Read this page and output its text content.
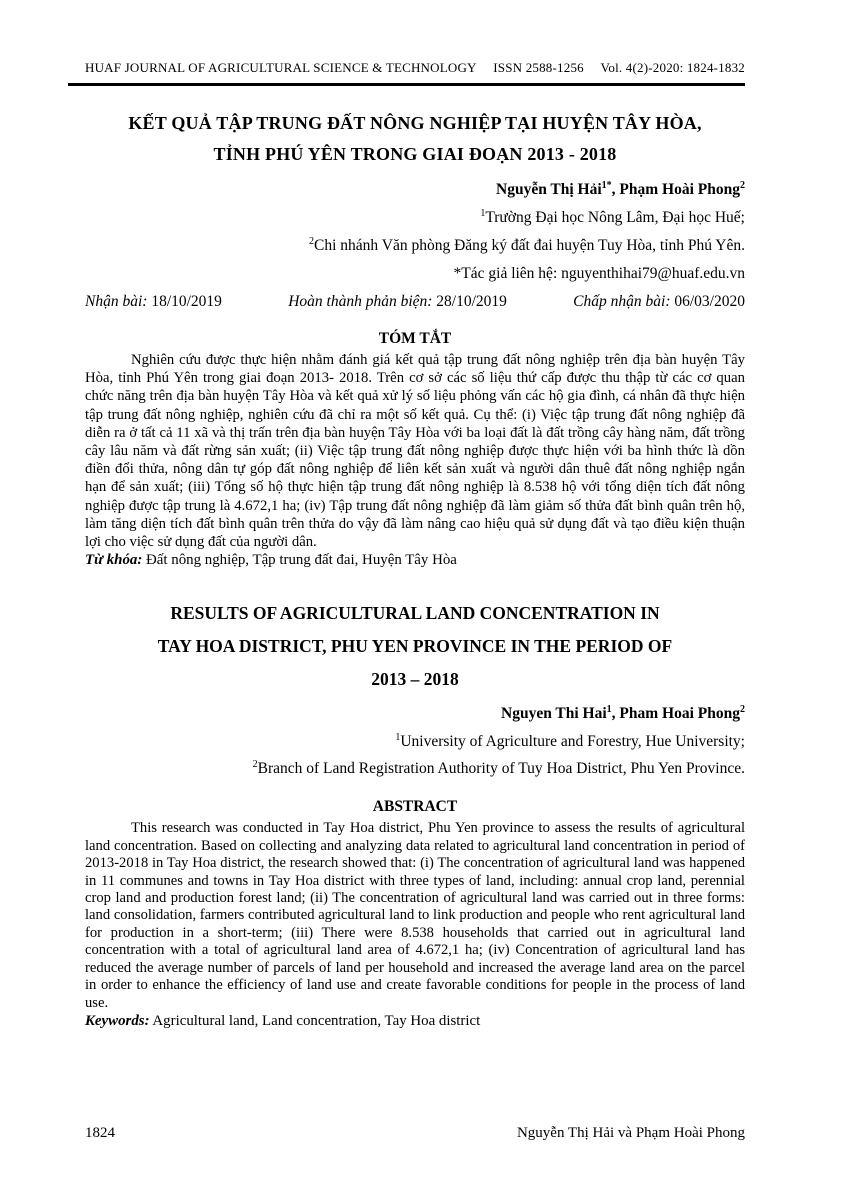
HUAF JOURNAL OF AGRICULTURAL SCIENCE & TECHNOLOGY ISSN 2588-1256 Vol. 4(2)-2020: 1824-1832
KẾT QUẢ TẬP TRUNG ĐẤT NÔNG NGHIỆP TẠI HUYỆN TÂY HÒA,
TỈNH PHÚ YÊN TRONG GIAI ĐOẠN 2013 - 2018
Nguyễn Thị Hải$^{1*}$, Phạm Hoài Phong$^2$
$^1$Trường Đại học Nông Lâm, Đại học Huế;
$^2$Chi nhánh Văn phòng Đăng ký đất đai huyện Tuy Hòa, tỉnh Phú Yên.
*Tác giả liên hệ: nguyenthihai79@huaf.edu.vn
Nhận bài: 18/10/2019	Hoàn thành phản biện: 28/10/2019	Chấp nhận bài: 06/03/2020
TÓM TẮT

Nghiên cứu được thực hiện nhằm đánh giá kết quả tập trung đất nông nghiệp trên địa bàn huyện Tây Hòa, tỉnh Phú Yên trong giai đoạn 2013- 2018. Trên cơ sở các số liệu thứ cấp được thu thập từ các cơ quan chức năng trên địa bàn huyện Tây Hòa và kết quả xử lý số liệu phỏng vấn các hộ gia đình, cá nhân đã thực hiện tập trung đất nông nghiệp, nghiên cứu đã chỉ ra một số kết quả. Cụ thể: (i) Việc tập trung đất nông nghiệp đã diễn ra ở tất cả 11 xã và thị trấn trên địa bàn huyện Tây Hòa với ba loại đất là đất trồng cây hàng năm, đất trồng cây lâu năm và đất rừng sản xuất; (ii) Việc tập trung đất nông nghiệp được thực hiện với ba hình thức là dồn điền đổi thửa, nông dân tự góp đất nông nghiệp để liên kết sản xuất và người dân thuê đất nông nghiệp ngắn hạn để sản xuất; (iii) Tổng số hộ thực hiện tập trung đất nông nghiệp là 8.538 hộ với tổng diện tích đất nông nghiệp được tập trung là 4.672,1 ha; (iv) Tập trung đất nông nghiệp đã làm giảm số thửa đất bình quân trên hộ, làm tăng diện tích đất bình quân trên thửa do vậy đã làm nâng cao hiệu quả sử dụng đất và tạo điều kiện thuận lợi cho việc sử dụng đất của người dân.

Từ khóa: Đất nông nghiệp, Tập trung đất đai, Huyện Tây Hòa

RESULTS OF AGRICULTURAL LAND CONCENTRATION IN
TAY HOA DISTRICT, PHU YEN PROVINCE IN THE PERIOD OF
2013 – 2018
Nguyen Thi Hai$^1$, Pham Hoai Phong$^2$
$^1$University of Agriculture and Forestry, Hue University;
$^2$Branch of Land Registration Authority of Tuy Hoa District, Phu Yen Province.
ABSTRACT

This research was conducted in Tay Hoa district, Phu Yen province to assess the results of agricultural land concentration. Based on collecting and analyzing data related to agricultural land concentration in period of 2013-2018 in Tay Hoa district, the research showed that: (i) The concentration of agricultural land was happened in 11 communes and towns in Tay Hoa district with three types of land, including: annual crop land, perennial crop land and production forest land; (ii) The concentration of agricultural land was carried out in three forms: land consolidation, farmers contributed agricultural land to link production and people who rent agricultural land for production in a short-term; (iii) There were 8.538 households that carried out in agricultural land concentration with a total of agricultural land area of 4.672,1 ha; (iv) Concentration of agricultural land has reduced the average number of parcels of land per household and increased the average land area on the parcel in order to enhance the efficiency of land use and create favorable conditions for people in the process of land use.

Keywords: Agricultural land, Land concentration, Tay Hoa district

1824	Nguyễn Thị Hải và Phạm Hoài Phong
